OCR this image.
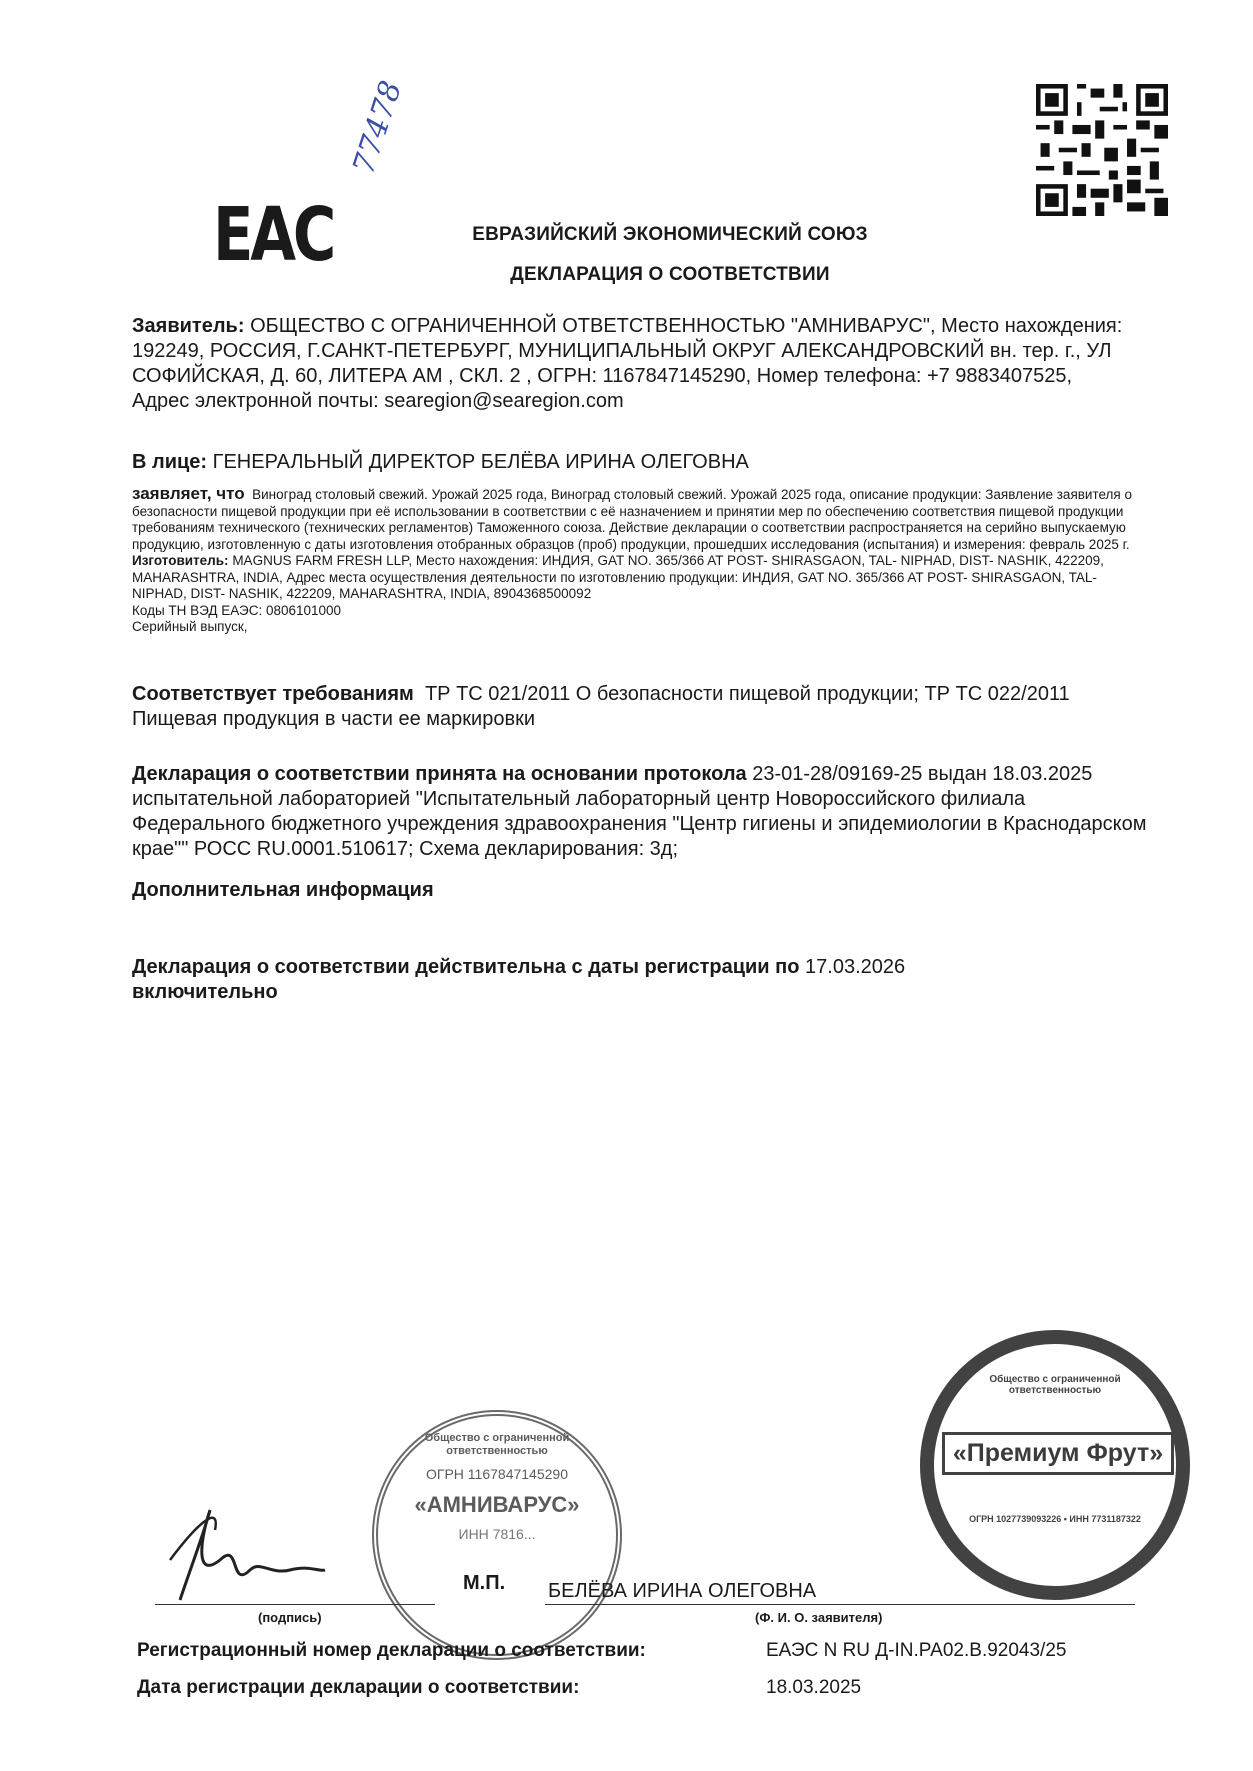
EAC
77478
ЕВРАЗИЙСКИЙ ЭКОНОМИЧЕСКИЙ СОЮЗ
ДЕКЛАРАЦИЯ О СООТВЕТСТВИИ
Заявитель: ОБЩЕСТВО С ОГРАНИЧЕННОЙ ОТВЕТСТВЕННОСТЬЮ "АМНИВАРУС", Место нахождения: 192249, РОССИЯ, Г.САНКТ-ПЕТЕРБУРГ, МУНИЦИПАЛЬНЫЙ ОКРУГ АЛЕКСАНДРОВСКИЙ вн. тер. г., УЛ СОФИЙСКАЯ, Д. 60, ЛИТЕРА АМ , СКЛ. 2 , ОГРН: 1167847145290, Номер телефона: +7 9883407525, Адрес электронной почты: searegion@searegion.com
В лице: ГЕНЕРАЛЬНЫЙ ДИРЕКТОР БЕЛЁВА ИРИНА ОЛЕГОВНА
заявляет, что Виноград столовый свежий. Урожай 2025 года, Виноград столовый свежий. Урожай 2025 года, описание продукции: Заявление заявителя о безопасности пищевой продукции при её использовании в соответствии с её назначением и принятии мер по обеспечению соответствия пищевой продукции требованиям технического (технических регламентов) Таможенного союза. Действие декларации о соответствии распространяется на серийно выпускаемую продукцию, изготовленную с даты изготовления отобранных образцов (проб) продукции, прошедших исследования (испытания) и измерения: февраль 2025 г.
Изготовитель: MAGNUS FARM FRESH LLP, Место нахождения: ИНДИЯ, GAT NO. 365/366 AT POST- SHIRASGAON, TAL- NIPHAD, DIST- NASHIK, 422209, MAHARASHTRA, INDIA, Адрес места осуществления деятельности по изготовлению продукции: ИНДИЯ, GAT NO. 365/366 AT POST- SHIRASGAON, TAL- NIPHAD, DIST- NASHIK, 422209, MAHARASHTRA, INDIA, 8904368500092
Коды ТН ВЭД ЕАЭС: 0806101000
Серийный выпуск,
Соответствует требованиям ТР ТС 021/2011 О безопасности пищевой продукции; ТР ТС 022/2011 Пищевая продукция в части ее маркировки
Декларация о соответствии принята на основании протокола 23-01-28/09169-25 выдан 18.03.2025 испытательной лабораторией "Испытательный лабораторный центр Новороссийского филиала Федерального бюджетного учреждения здравоохранения "Центр гигиены и эпидемиологии в Краснодарском крае"" РОСС RU.0001.510617; Схема декларирования: 3д;
Дополнительная информация
Декларация о соответствии действительна с даты регистрации по 17.03.2026 включительно
Общество с ограниченной ответственностью
ОГРН 1167847145290
«АМНИВАРУС»
ИНН 7816...
Общество с ограниченной ответственностью
«Премиум Фрут»
ОГРН 1027739093226 • ИНН 7731187322
М.П. БЕЛЁВА ИРИНА ОЛЕГОВНА
(подпись)	(Ф. И. О. заявителя)
Регистрационный номер декларации о соответствии:	ЕАЭС N RU Д-IN.РА02.В.92043/25
Дата регистрации декларации о соответствии:	18.03.2025
